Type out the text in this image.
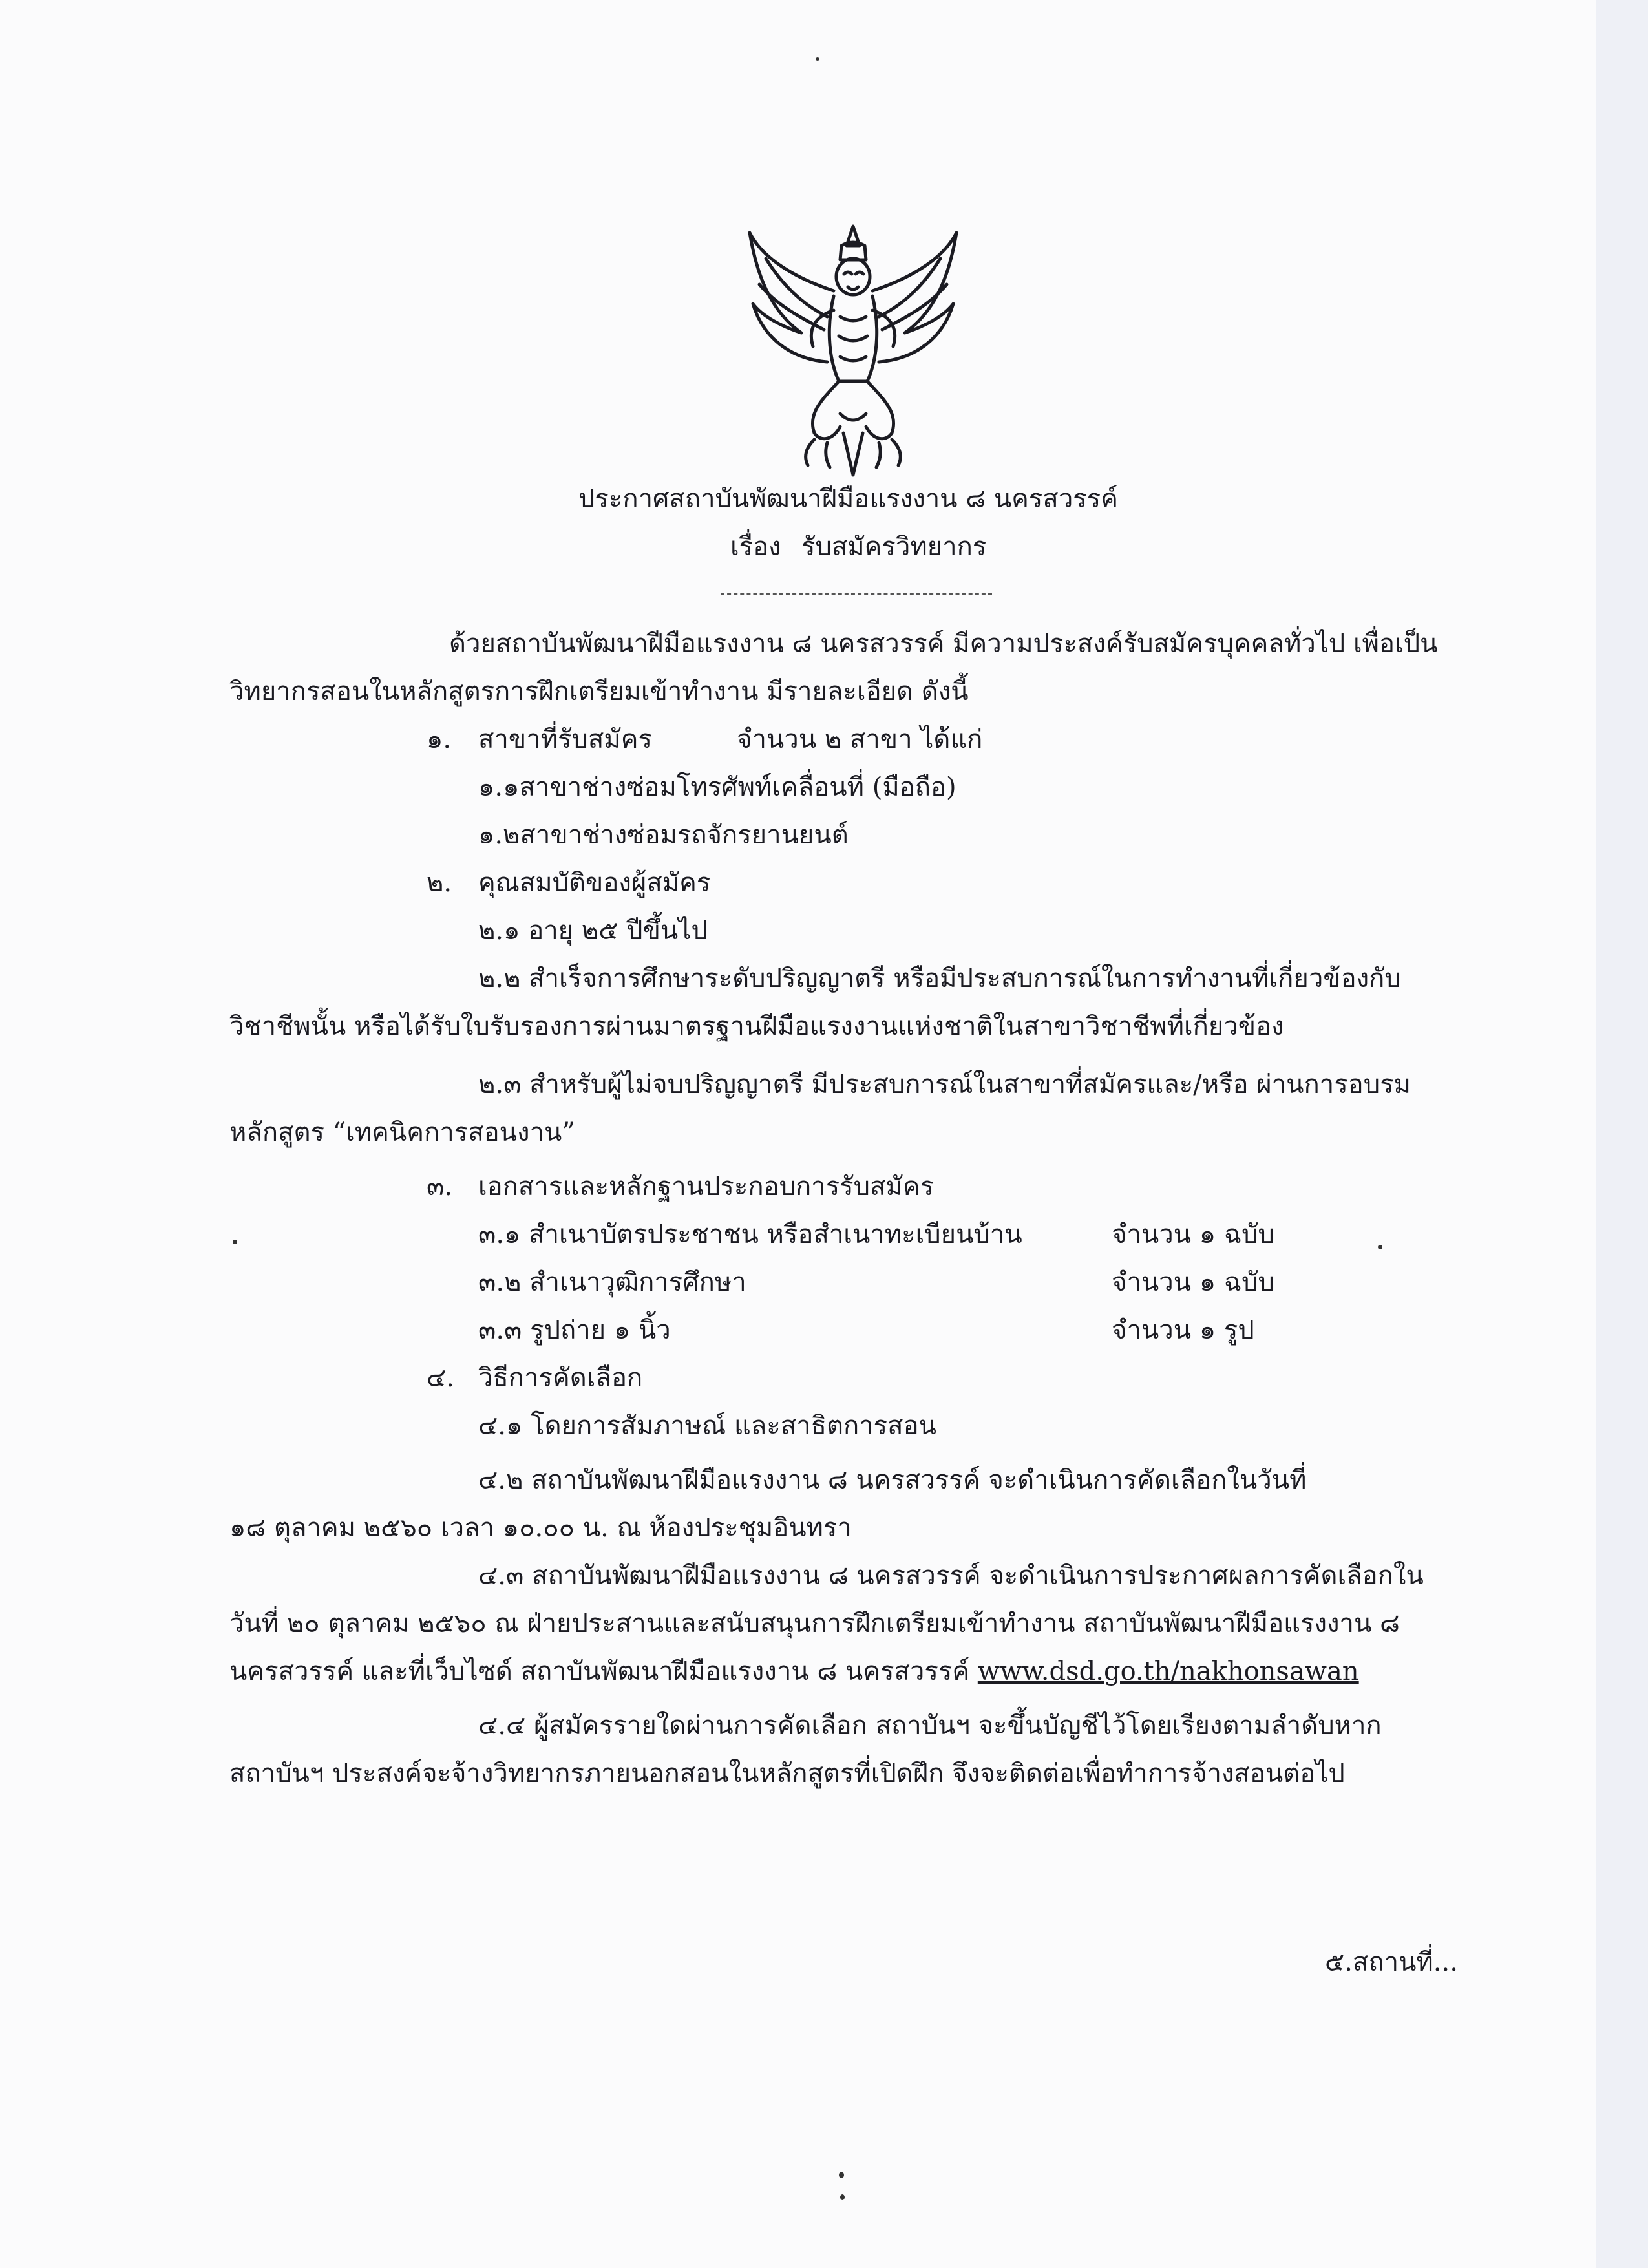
ประกาศสถาบันพัฒนาฝีมือแรงงาน ๘ นครสวรรค์
เรื่อง รับสมัครวิทยากร
ด้วยสถาบันพัฒนาฝีมือแรงงาน ๘ นครสวรรค์ มีความประสงค์รับสมัครบุคคลทั่วไป เพื่อเป็น
วิทยากรสอนในหลักสูตรการฝึกเตรียมเข้าทำงาน มีรายละเอียด ดังนี้
๑. สาขาที่รับสมัคร	จำนวน ๒ สาขา ได้แก่
๑.๑สาขาช่างซ่อมโทรศัพท์เคลื่อนที่ (มือถือ)
๑.๒สาขาช่างซ่อมรถจักรยานยนต์
๒. คุณสมบัติของผู้สมัคร
๒.๑ อายุ ๒๕ ปีขึ้นไป
๒.๒ สำเร็จการศึกษาระดับปริญญาตรี หรือมีประสบการณ์ในการทำงานที่เกี่ยวข้องกับ
วิชาชีพนั้น หรือได้รับใบรับรองการผ่านมาตรฐานฝีมือแรงงานแห่งชาติในสาขาวิชาชีพที่เกี่ยวข้อง
๒.๓ สำหรับผู้ไม่จบปริญญาตรี มีประสบการณ์ในสาขาที่สมัครและ/หรือ ผ่านการอบรม
หลักสูตร “เทคนิคการสอนงาน”
๓. เอกสารและหลักฐานประกอบการรับสมัคร
๓.๑ สำเนาบัตรประชาชน หรือสำเนาทะเบียนบ้าน	จำนวน ๑ ฉบับ
๓.๒ สำเนาวุฒิการศึกษา	จำนวน ๑ ฉบับ
๓.๓ รูปถ่าย ๑ นิ้ว	จำนวน ๑ รูป
๔. วิธีการคัดเลือก
๔.๑ โดยการสัมภาษณ์ และสาธิตการสอน
๔.๒ สถาบันพัฒนาฝีมือแรงงาน ๘ นครสวรรค์ จะดำเนินการคัดเลือกในวันที่
๑๘ ตุลาคม ๒๕๖๐ เวลา ๑๐.๐๐ น. ณ ห้องประชุมอินทรา
๔.๓ สถาบันพัฒนาฝีมือแรงงาน ๘ นครสวรรค์ จะดำเนินการประกาศผลการคัดเลือกใน
วันที่ ๒๐ ตุลาคม ๒๕๖๐ ณ ฝ่ายประสานและสนับสนุนการฝึกเตรียมเข้าทำงาน สถาบันพัฒนาฝีมือแรงงาน ๘
นครสวรรค์ และที่เว็บไซด์ สถาบันพัฒนาฝีมือแรงงาน ๘ นครสวรรค์ www.dsd.go.th/nakhonsawan
๔.๔ ผู้สมัครรายใดผ่านการคัดเลือก สถาบันฯ จะขึ้นบัญชีไว้โดยเรียงตามลำดับหาก
สถาบันฯ ประสงค์จะจ้างวิทยากรภายนอกสอนในหลักสูตรที่เปิดฝึก จึงจะติดต่อเพื่อทำการจ้างสอนต่อไป
๕.สถานที่...
